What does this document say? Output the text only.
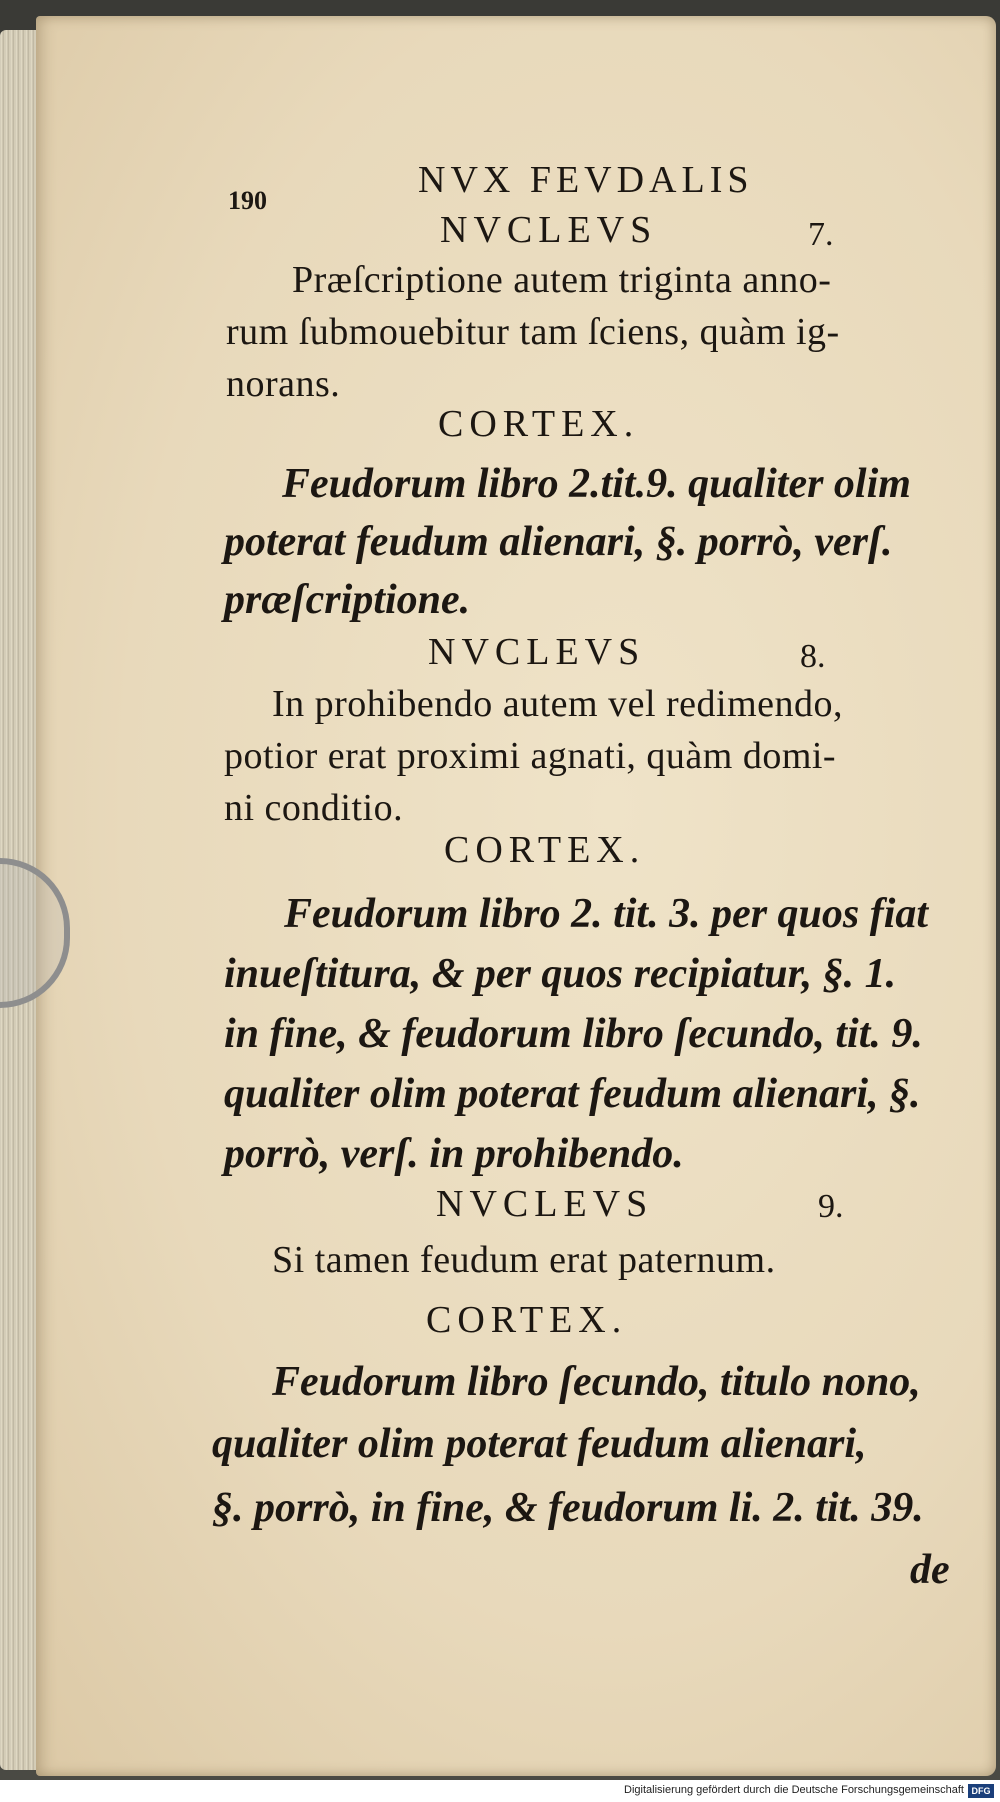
190	NVX FEVDALIS

NVCLEVS	7.

Præſcriptione autem triginta anno-

rum ſubmouebitur tam ſciens, quàm ig-

norans.

CORTEX.

Feudorum libro 2.tit.9. qualiter olim

poterat feudum alienari, §. porrò, verſ.

præſcriptione.

NVCLEVS	8.

In prohibendo autem vel redimendo,

potior erat proximi agnati, quàm domi-

ni conditio.

CORTEX.

Feudorum libro 2. tit. 3. per quos fiat

inueſtitura, & per quos recipiatur, §. 1.

in fine, & feudorum libro ſecundo, tit. 9.

qualiter olim poterat feudum alienari, §.

porrò, verſ. in prohibendo.

NVCLEVS	9.

Si tamen feudum erat paternum.

CORTEX.

Feudorum libro ſecundo, titulo nono,

qualiter olim poterat feudum alienari,

§. porrò, in fine, & feudorum li. 2. tit. 39.

de

Digitalisierung gefördert durch die Deutsche Forschungsgemeinschaft DFG
